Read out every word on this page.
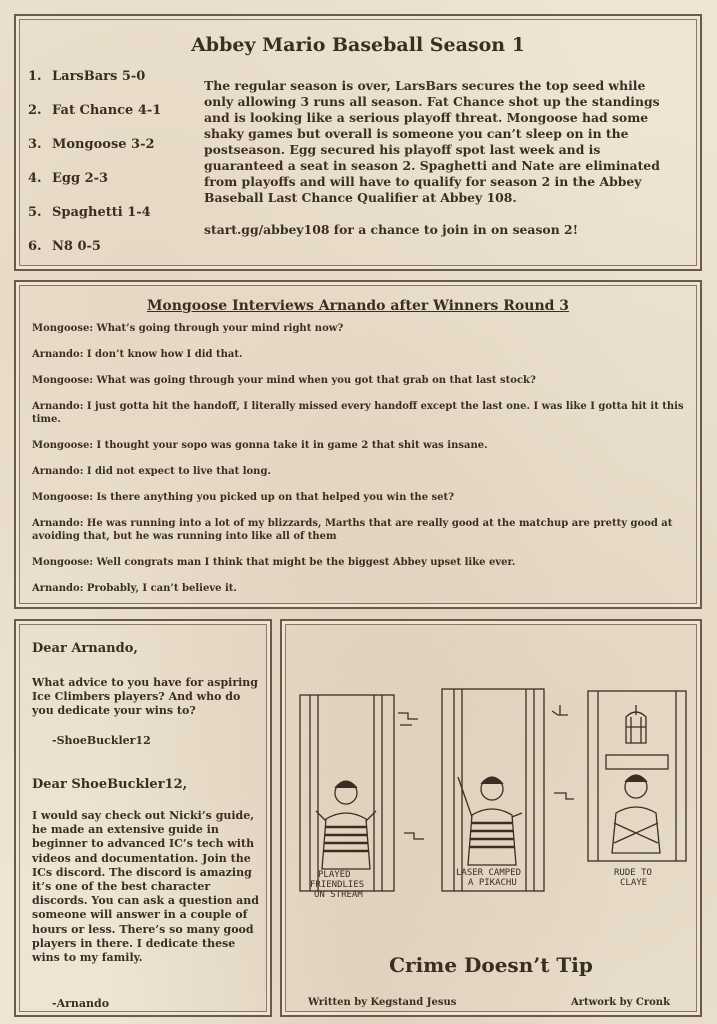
Abbey Mario Baseball Season 1
1. LarsBars 5-0
2. Fat Chance 4-1
3. Mongoose 3-2
4. Egg 2-3
5. Spaghetti 1-4
6. N8 0-5

The regular season is over, LarsBars secures the top seed while only allowing 3 runs all season. Fat Chance shot up the standings and is looking like a serious playoff threat. Mongoose had some shaky games but overall is someone you can’t sleep on in the postseason. Egg secured his playoff spot last week and is guaranteed a seat in season 2. Spaghetti and Nate are eliminated from playoffs and will have to qualify for season 2 in the Abbey Baseball Last Chance Qualifier at Abbey 108.

start.gg/abbey108 for a chance to join in on season 2!

Mongoose Interviews Arnando after Winners Round 3
Mongoose: What’s going through your mind right now?
Arnando: I don’t know how I did that.
Mongoose: What was going through your mind when you got that grab on that last stock?
Arnando: I just gotta hit the handoff, I literally missed every handoff except the last one. I was like I gotta hit it this time.
Mongoose: I thought your sopo was gonna take it in game 2 that shit was insane.
Arnando: I did not expect to live that long.
Mongoose: Is there anything you picked up on that helped you win the set?
Arnando: He was running into a lot of my blizzards, Marths that are really good at the matchup are pretty good at avoiding that, but he was running into like all of them
Mongoose: Well congrats man I think that might be the biggest Abbey upset like ever.
Arnando: Probably, I can’t believe it.
Dear Arnando,
What advice to you have for aspiring Ice Climbers players? And who do you dedicate your wins to?
-ShoeBuckler12
Dear ShoeBuckler12,
I would say check out Nicki’s guide, he made an extensive guide in beginner to advanced IC’s tech with videos and documentation. Join the ICs discord. The discord is amazing it’s one of the best character discords. You can ask a question and someone will answer in a couple of hours or less. There’s so many good players in there. I dedicate these wins to my family.
-Arnando
PLAYED FRIENDLIES ON STREAM
LASER CAMPED A PIKACHU
RUDE TO CLAYE
Crime Doesn’t Tip
Written by Kegstand Jesus	Artwork by Cronk
